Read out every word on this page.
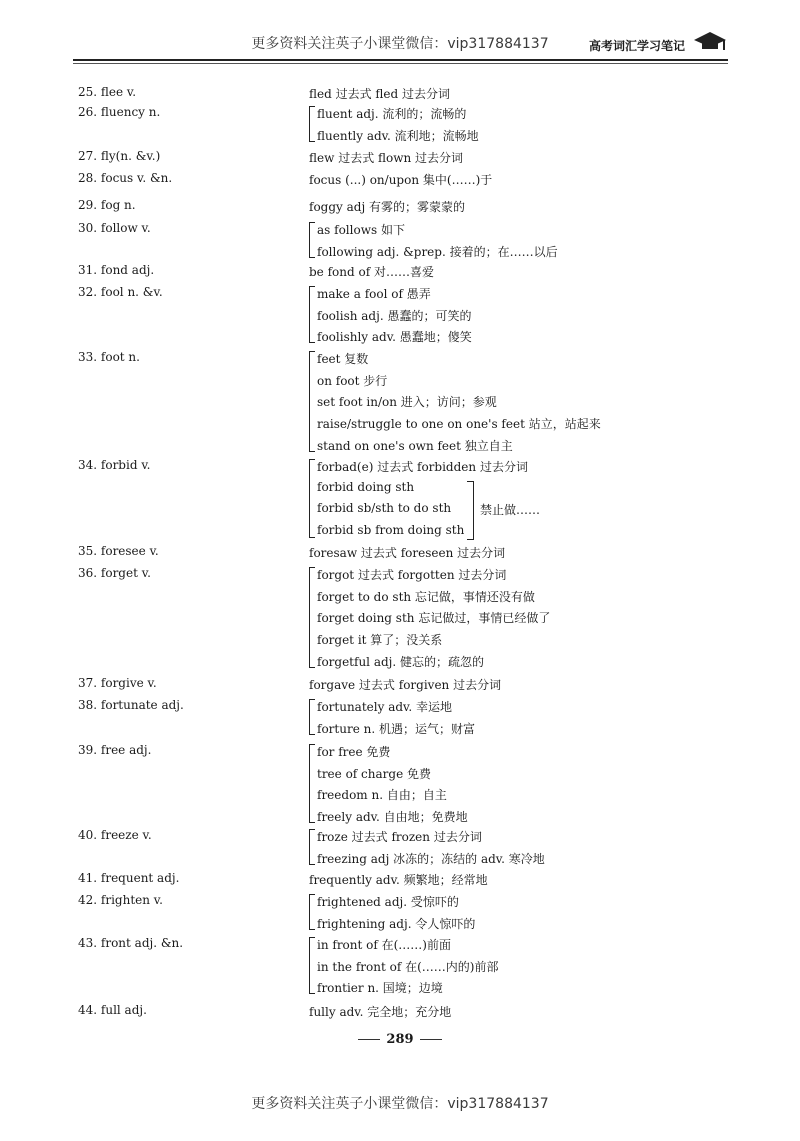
更多资料关注英子小课堂微信：vip317884137	高考词汇学习笔记
25. flee v.	fled 过去式 fled 过去分词
26. fluency n.	fluent adj. 流利的；流畅的
fluently adv. 流利地；流畅地
27. fly(n. &v.)	flew 过去式 flown 过去分词
28. focus v. &n.	focus (...) on/upon 集中(……)于
29. fog n.	foggy adj 有雾的；雾蒙蒙的
30. follow v.	as follows 如下
following adj. &prep. 接着的；在……以后
31. fond adj.	be fond of 对……喜爱
32. fool n. &v.	make a fool of 愚弄
foolish adj. 愚蠢的；可笑的
foolishly adv. 愚蠢地；傻笑
33. foot n.	feet 复数
on foot 步行
set foot in/on 进入；访问；参观
raise/struggle to one on one's feet 站立，站起来
stand on one's own feet 独立自主
34. forbid v.	forbad(e) 过去式 forbidden 过去分词
forbid doing sth
forbid sb/sth to do sth
forbid sb from doing sth
禁止做……
35. foresee v.	foresaw 过去式 foreseen 过去分词
36. forget v.	forgot 过去式 forgotten 过去分词
forget to do sth 忘记做，事情还没有做
forget doing sth 忘记做过，事情已经做了
forget it 算了；没关系
forgetful adj. 健忘的；疏忽的
37. forgive v.	forgave 过去式 forgiven 过去分词
38. fortunate adj.	fortunately adv. 幸运地
forture n. 机遇；运气；财富
39. free adj.	for free 免费
tree of charge 免费
freedom n. 自由；自主
freely adv. 自由地；免费地
40. freeze v.	froze 过去式 frozen 过去分词
freezing adj 冰冻的；冻结的 adv. 寒冷地
41. frequent adj.	frequently adv. 频繁地；经常地
42. frighten v.	frightened adj. 受惊吓的
frightening adj. 令人惊吓的
43. front adj. &n.	in front of 在(……)前面
in the front of 在(……内的)前部
frontier n. 国境；边境
44. full adj.	fully adv. 完全地；充分地
289
更多资料关注英子小课堂微信：vip317884137
